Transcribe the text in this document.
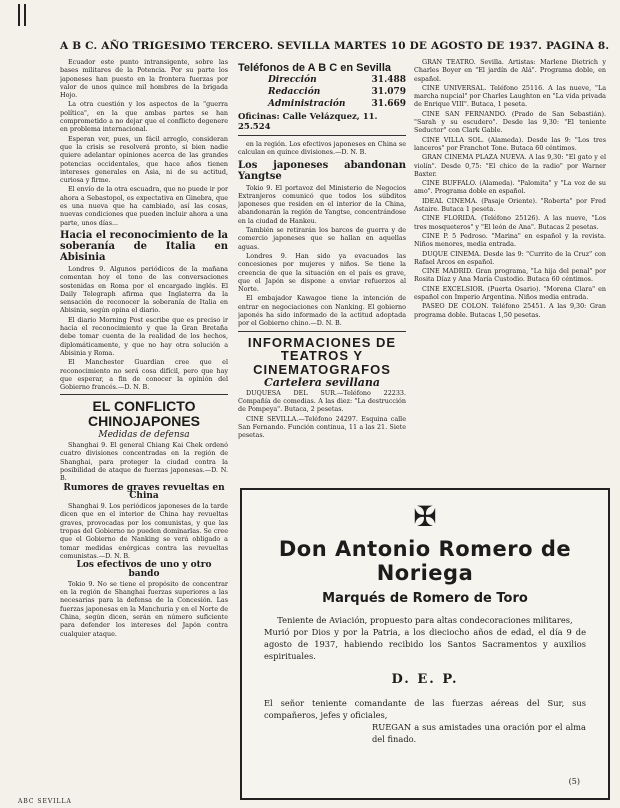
A B C. AÑO TRIGESIMO TERCERO. SEVILLA MARTES 10 DE AGOSTO DE 1937. PAGINA 8.

Ecuador este punto intransigente, sobre las bases militares de la Potencia. Por su parte los japoneses han puesto en la frontera fuerzas por valor de unos quince mil hombres de la brigada Hojo.

La otra cuestión y los aspectos de la "guerra política", en la que ambas partes se han comprometido a no dejar que el conflicto degenere en problema internacional.

Esperan ver, pues, un fácil arreglo, consideran que la crisis se resolverá pronto, si bien nadie quiere adelantar opiniones acerca de las grandes potencias occidentales, que hace años tienen intereses generales en Asia, ni de su actitud, curiosa y firme.

El envío de la otra escuadra, que no puede ir por ahora a Sebastopol, es expectativa en Ginebra, que es una nueva que ha cambiado, así las cosas, nuevas condiciones que pueden incluir ahora a una parte, unos días...

Hacia el reconocimiento de la soberanía de Italia en Abisinia

Londres 9. Algunos periódicos de la mañana comentan hoy el tono de las conversaciones sostenidas en Roma por el encargado inglés. El Daily Telegraph afirma que Inglaterra da la sensación de reconocer la soberanía de Italia en Abisinia, según opina el diario.

El diario Morning Post escribe que es preciso ir hacia el reconocimiento y que la Gran Bretaña debe tomar cuenta de la realidad de los hechos, diplomáticamente, y que no hay otra solución a Abisinia y Roma.

El Manchester Guardian cree que el reconocimiento no será cosa difícil, pero que hay que esperar, a fin de conocer la opinión del Gobierno francés.—D. N. B.

EL CONFLICTO CHINOJAPONES
Medidas de defensa

Shanghai 9. El general Chiang Kai Chek ordenó cuatro divisiones concentradas en la región de Shanghai, para proteger la ciudad contra la posibilidad de ataque de fuerzas japonesas.—D. N. B.

Rumores de graves revueltas en China

Shanghai 9. Los periódicos japoneses de la tarde dicen que en el interior de China hay revueltas graves, provocadas por los comunistas, y que las tropas del Gobierno no pueden dominarlas. Se cree que el Gobierno de Nanking se verá obligado a tomar medidas enérgicas contra las revueltas comunistas.—D. N. B.

Los efectivos de uno y otro bando

Tokio 9. No se tiene el propósito de concentrar en la región de Shanghai fuerzas superiores a las necesarias para la defensa de la Concesión. Las fuerzas japonesas en la Manchuria y en el Norte de China, según dicen, serán en número suficiente para defender los intereses del Japón contra cualquier ataque.

Teléfonos de A B C en Sevilla
Dirección	31.488
Redacción	31.079
Administración	31.669
Oficinas: Calle Velázquez, 11. 25.524

en la región. Los efectivos japoneses en China se calculan en quince divisiones.—D. N. B.

Los japoneses abandonan Yangtse

Tokio 9. El portavoz del Ministerio de Negocios Extranjeros comunicó que todos los súbditos japoneses que residen en el interior de la China, abandonarán la región de Yangtse, concentrándose en la ciudad de Hankeu.

También se retirarán los barcos de guerra y de comercio japoneses que se hallan en aquellas aguas.

Londres 9. Han sido ya evacuados las concesiones por mujeres y niños. Se tiene la creencia de que la situación en el país es grave, que el Japón se dispone a enviar refuerzos al Norte.

El embajador Kawagoe tiene la intención de entrar en negociaciones con Nanking. El gobierno japonés ha sido informado de la actitud adoptada por el Gobierno chino.—D. N. B.

INFORMACIONES DE TEATROS Y CINEMATOGRAFOS
Cartelera sevillana

DUQUESA DEL SUR.—Teléfono 22233. Compañía de comedias. A las diez: "La destrucción de Pompeya". Butaca, 2 pesetas.

CINE SEVILLA.—Teléfono 24297. Esquina calle San Fernando. Función continua, 11 a las 21. Siete pesetas.

GRAN TEATRO. Sevilla. Artistas: Marlene Dietrich y Charles Boyer en "El jardín de Alá". Programa doble, en español.

CINE UNIVERSAL. Teléfono 25116. A las nueve, "La marcha nupcial" por Charles Laughton en "La vida privada de Enrique VIII". Butaca, 1 peseta.

CINE SAN FERNANDO. (Prado de San Sebastián). "Sarah y su escudero". Desde las 9,30: "El teniente Seductor" con Clark Gable.

CINE VILLA SOL. (Alameda). Desde las 9: "Los tres lanceros" por Franchot Tone. Butaca 60 céntimos.

GRAN CINEMA PLAZA NUEVA. A las 9,30: "El gato y el violín". Desde 0,75: "El chico de la radio" por Warner Baxter.

CINE BUFFALO. (Alameda). "Palomita" y "La voz de su amo". Programa doble en español.

IDEAL CINEMA. (Pasaje Oriente). "Roberta" por Fred Astaire. Butaca 1 peseta.

CINE FLORIDA. (Teléfono 25126). A las nueve, "Los tres mosqueteros" y "El león de Ana". Butacas 2 pesetas.

CINE P. 5 Pedroso. "Marina" en español y la revista. Niños menores, media entrada.

DUQUE CINEMA. Desde las 9: "Currito de la Cruz" con Rafael Arcos en español.

CINE MADRID. Gran programa, "La hija del penal" por Rosita Díaz y Ana María Custodio. Butaca 60 céntimos.

CINE EXCELSIOR. (Puerta Osario). "Morena Clara" en español con Imperio Argentina. Niños media entrada.

PASEO DE COLON. Teléfono 25451. A las 9,30: Gran programa doble. Butacas 1,50 pesetas.

✠
Don Antonio Romero de Noriega
Marqués de Romero de Toro
Teniente de Aviación, propuesto para altas condecoraciones militares,
Murió por Dios y por la Patria, a los dieciocho años de edad, el día 9 de agosto de 1937, habiendo recibido los Santos Sacramentos y auxilios espirituales.
D. E. P.
El señor teniente comandante de las fuerzas aéreas del Sur, sus compañeros, jefes y oficiales,
RUEGAN a sus amistades una oración por el alma del finado.
(5)
ABC SEVILLA
